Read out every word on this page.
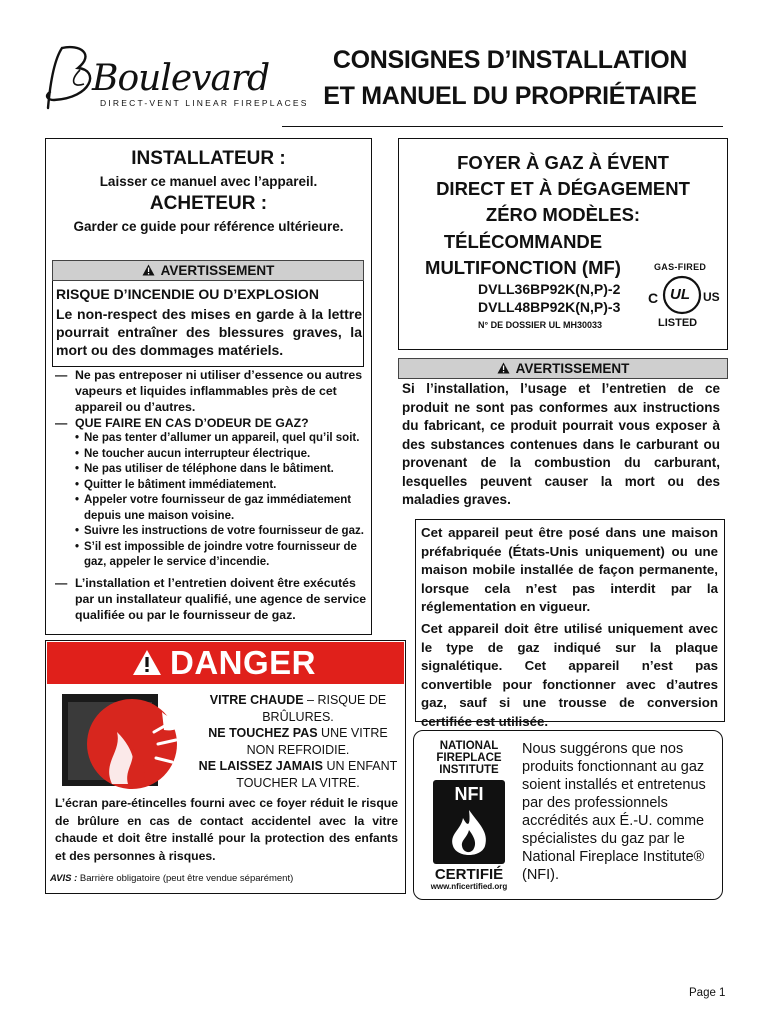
Boulevard
DIRECT-VENT LINEAR FIREPLACES
CONSIGNES D’INSTALLATION
ET MANUEL DU PROPRIÉTAIRE
INSTALLATEUR :
Laisser ce manuel avec l’appareil.
ACHETEUR :
Garder ce guide pour référence ultérieure.
AVERTISSEMENT
RISQUE D’INCENDIE OU D’EXPLOSION
Le non-respect des mises en garde à la lettre pourrait entraîner des blessures graves, la mort ou des dommages matériels.
— Ne pas entreposer ni utiliser d’essence ou autres vapeurs et liquides inflammables près de cet appareil ou d’autres.
— QUE FAIRE EN CAS D’ODEUR DE GAZ?
• Ne pas tenter d’allumer un appareil, quel qu’il soit.
• Ne toucher aucun interrupteur électrique.
• Ne pas utiliser de téléphone dans le bâtiment.
• Quitter le bâtiment immédiatement.
• Appeler votre fournisseur de gaz immédiatement depuis une maison voisine.
• Suivre les instructions de votre fournisseur de gaz.
• S’il est impossible de joindre votre fournisseur de gaz, appeler le service d’incendie.
— L’installation et l’entretien doivent être exécutés par un installateur qualifié, une agence de service qualifiée ou par le fournisseur de gaz.
DANGER
VITRE CHAUDE – RISQUE DE BRÛLURES.
NE TOUCHEZ PAS UNE VITRE NON REFROIDIE.
NE LAISSEZ JAMAIS UN ENFANT TOUCHER LA VITRE.
L’écran pare-étincelles fourni avec ce foyer réduit le risque de brûlure en cas de contact accidentel avec la vitre chaude et doit être installé pour la protection des enfants et des personnes à risques.
AVIS : Barrière obligatoire (peut être vendue séparément)
FOYER À GAZ À ÉVENT
DIRECT ET À DÉGAGEMENT
ZÉRO MODÈLES:
TÉLÉCOMMANDE
MULTIFONCTION (MF)
DVLL36BP92K(N,P)-2
DVLL48BP92K(N,P)-3
N° DE DOSSIER UL MH30033
GAS-FIRED
C UL US
LISTED
AVERTISSEMENT
Si l’installation, l’usage et l’entretien de ce produit ne sont pas conformes aux instructions du fabricant, ce produit pourrait vous exposer à des substances contenues dans le carburant ou provenant de la combustion du carburant, lesquelles peuvent causer la mort ou des maladies graves.
Cet appareil peut être posé dans une maison préfabriquée (États-Unis uniquement) ou une maison mobile installée de façon permanente, lorsque cela n’est pas interdit par la réglementation en vigueur.
Cet appareil doit être utilisé uniquement avec le type de gaz indiqué sur la plaque signalétique. Cet appareil n’est pas convertible pour fonctionner avec d’autres gaz, sauf si une trousse de conversion certifiée est utilisée.
NATIONAL
FIREPLACE
INSTITUTE
NFI
CERTIFIÉ
www.nficertified.org
Nous suggérons que nos produits fonctionnant au gaz soient installés et entretenus par des professionnels accrédités aux É.-U. comme spécialistes du gaz par le National Fireplace Institute® (NFI).
Page 1
